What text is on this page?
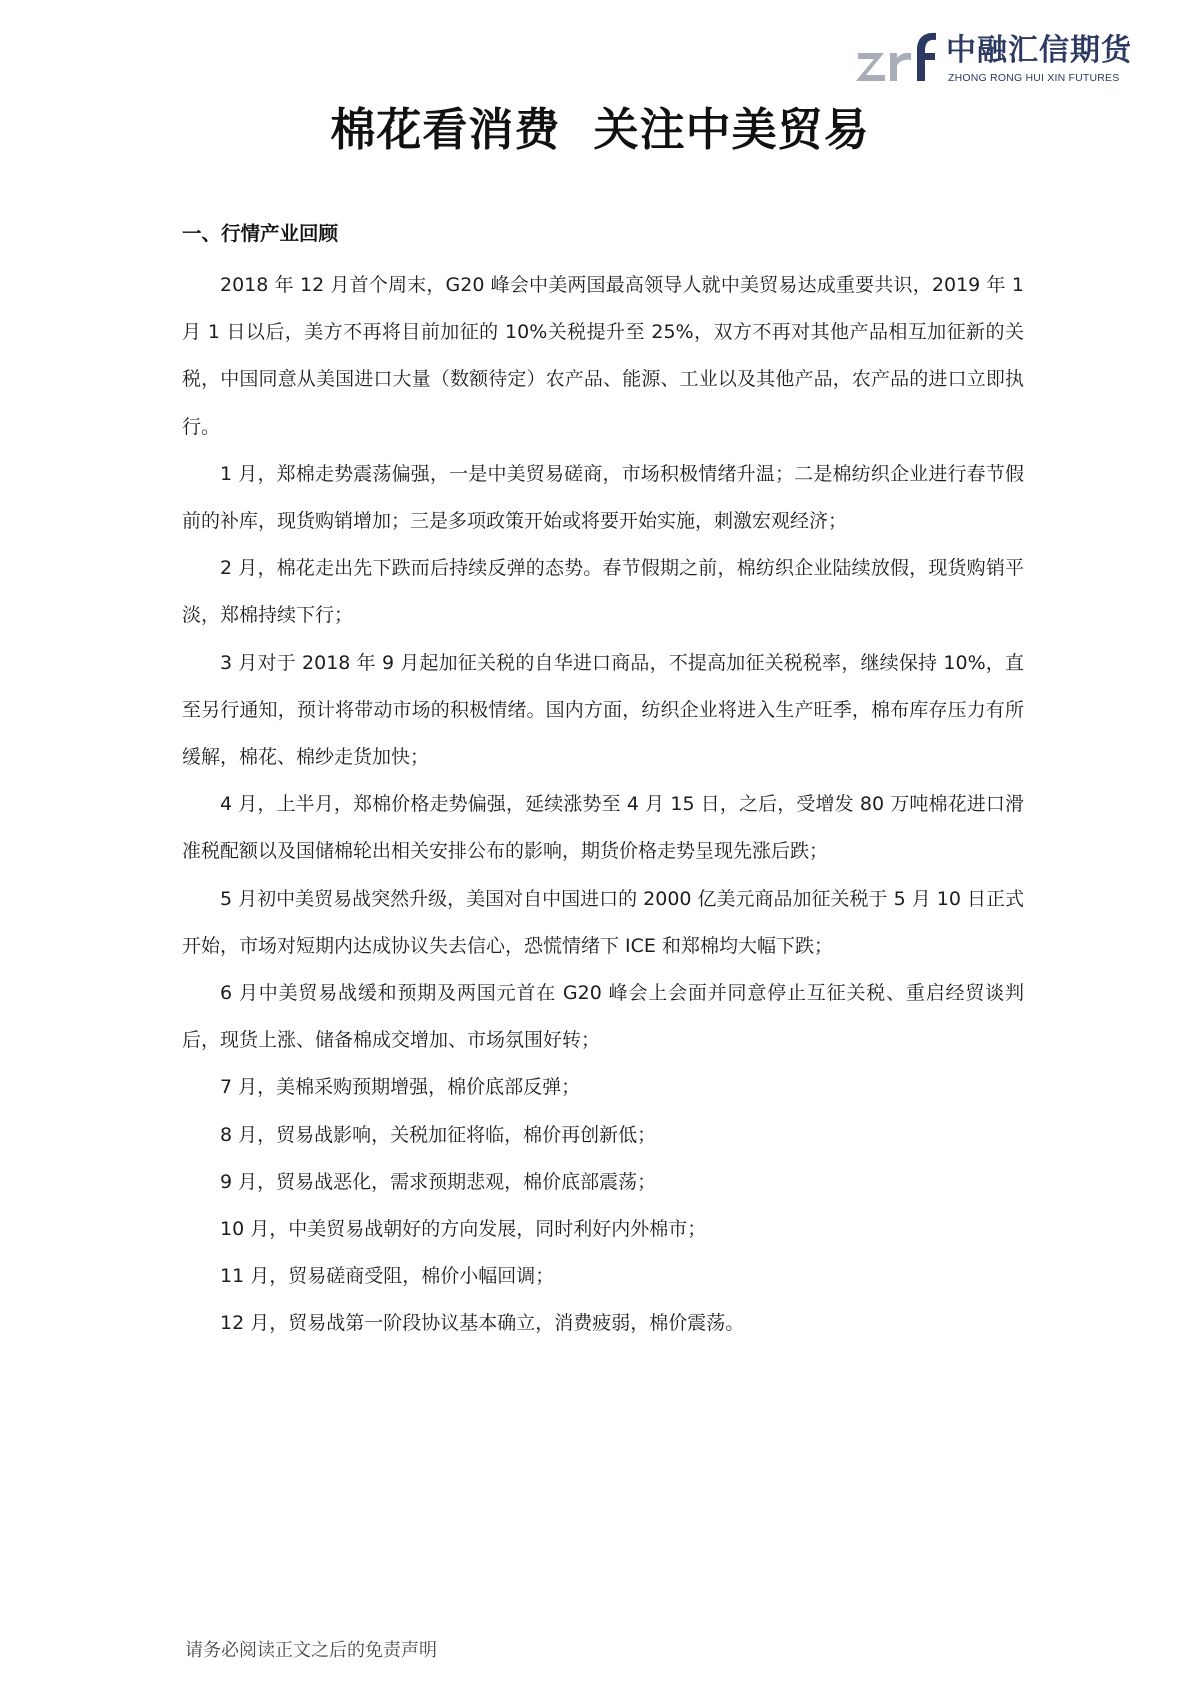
中融汇信期货
ZHONG RONG HUI XIN FUTURES
棉花看消费  关注中美贸易
一、行情产业回顾

2018 年 12 月首个周末，G20 峰会中美两国最高领导人就中美贸易达成重要共识，2019 年 1 月 1 日以后，美方不再将目前加征的 10%关税提升至 25%，双方不再对其他产品相互加征新的关税，中国同意从美国进口大量（数额待定）农产品、能源、工业以及其他产品，农产品的进口立即执行。

1 月，郑棉走势震荡偏强，一是中美贸易磋商，市场积极情绪升温；二是棉纺织企业进行春节假前的补库，现货购销增加；三是多项政策开始或将要开始实施，刺激宏观经济；

2 月，棉花走出先下跌而后持续反弹的态势。春节假期之前，棉纺织企业陆续放假，现货购销平淡，郑棉持续下行；

3 月对于 2018 年 9 月起加征关税的自华进口商品，不提高加征关税税率，继续保持 10%，直至另行通知，预计将带动市场的积极情绪。国内方面，纺织企业将进入生产旺季，棉布库存压力有所缓解，棉花、棉纱走货加快；

4 月，上半月，郑棉价格走势偏强，延续涨势至 4 月 15 日，之后，受增发 80 万吨棉花进口滑准税配额以及国储棉轮出相关安排公布的影响，期货价格走势呈现先涨后跌；

5 月初中美贸易战突然升级，美国对自中国进口的 2000 亿美元商品加征关税于 5 月 10 日正式开始，市场对短期内达成协议失去信心，恐慌情绪下 ICE 和郑棉均大幅下跌；

6 月中美贸易战缓和预期及两国元首在 G20 峰会上会面并同意停止互征关税、重启经贸谈判后，现货上涨、储备棉成交增加、市场氛围好转；

7 月，美棉采购预期增强，棉价底部反弹；

8 月，贸易战影响，关税加征将临，棉价再创新低；

9 月，贸易战恶化，需求预期悲观，棉价底部震荡；

10 月，中美贸易战朝好的方向发展，同时利好内外棉市；

11 月，贸易磋商受阻，棉价小幅回调；

12 月，贸易战第一阶段协议基本确立，消费疲弱，棉价震荡。

请务必阅读正文之后的免责声明
